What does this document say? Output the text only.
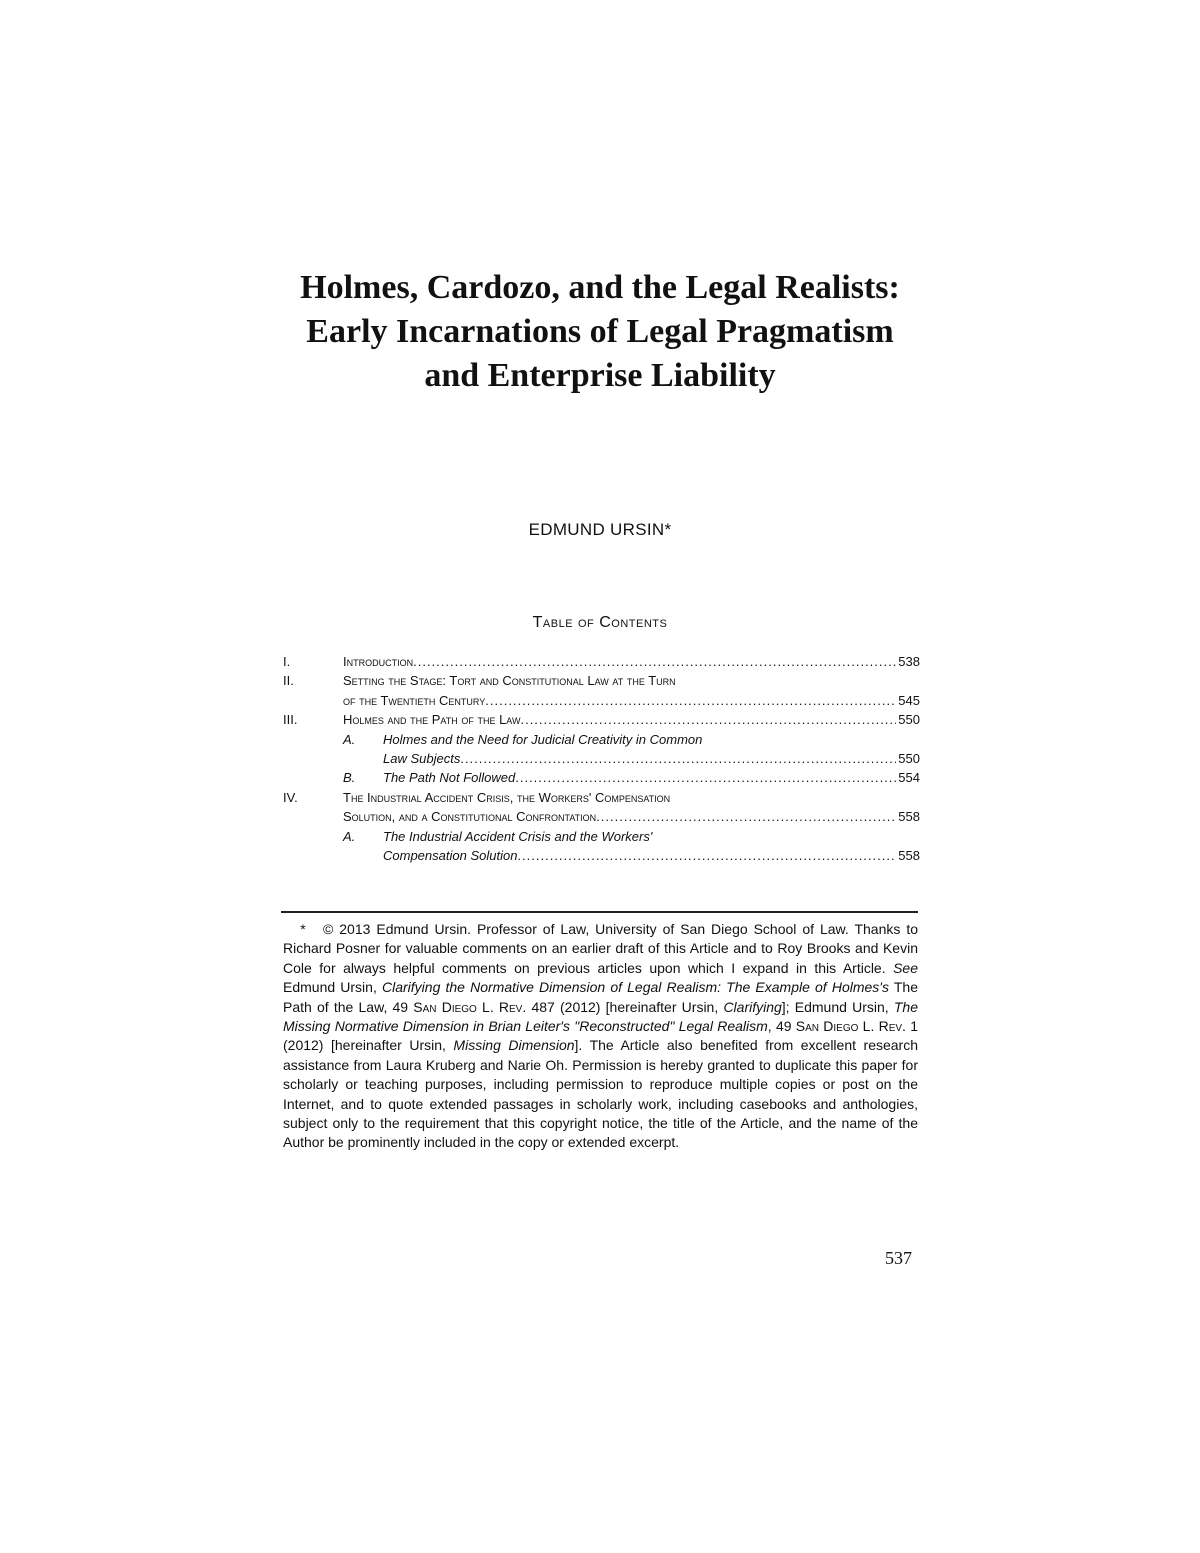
Holmes, Cardozo, and the Legal Realists:
Early Incarnations of Legal Pragmatism
and Enterprise Liability
EDMUND URSIN*
Table of Contents
I.	Introduction .....	538
II.	Setting the Stage: Tort and Constitutional Law at the Turn
of the Twentieth Century .....	545
III.	Holmes and the Path of the Law .....	550
A. Holmes and the Need for Judicial Creativity in Common
Law Subjects .....	550
B. The Path Not Followed .....	554
IV.	The Industrial Accident Crisis, the Workers' Compensation
Solution, and a Constitutional Confrontation .....	558
A. The Industrial Accident Crisis and the Workers'
Compensation Solution .....	558
* © 2013 Edmund Ursin. Professor of Law, University of San Diego School of Law. Thanks to Richard Posner for valuable comments on an earlier draft of this Article and to Roy Brooks and Kevin Cole for always helpful comments on previous articles upon which I expand in this Article. See Edmund Ursin, Clarifying the Normative Dimension of Legal Realism: The Example of Holmes's The Path of the Law, 49 San Diego L. Rev. 487 (2012) [hereinafter Ursin, Clarifying]; Edmund Ursin, The Missing Normative Dimension in Brian Leiter's "Reconstructed" Legal Realism, 49 San Diego L. Rev. 1 (2012) [hereinafter Ursin, Missing Dimension]. The Article also benefited from excellent research assistance from Laura Kruberg and Narie Oh. Permission is hereby granted to duplicate this paper for scholarly or teaching purposes, including permission to reproduce multiple copies or post on the Internet, and to quote extended passages in scholarly work, including casebooks and anthologies, subject only to the requirement that this copyright notice, the title of the Article, and the name of the Author be prominently included in the copy or extended excerpt.
537
